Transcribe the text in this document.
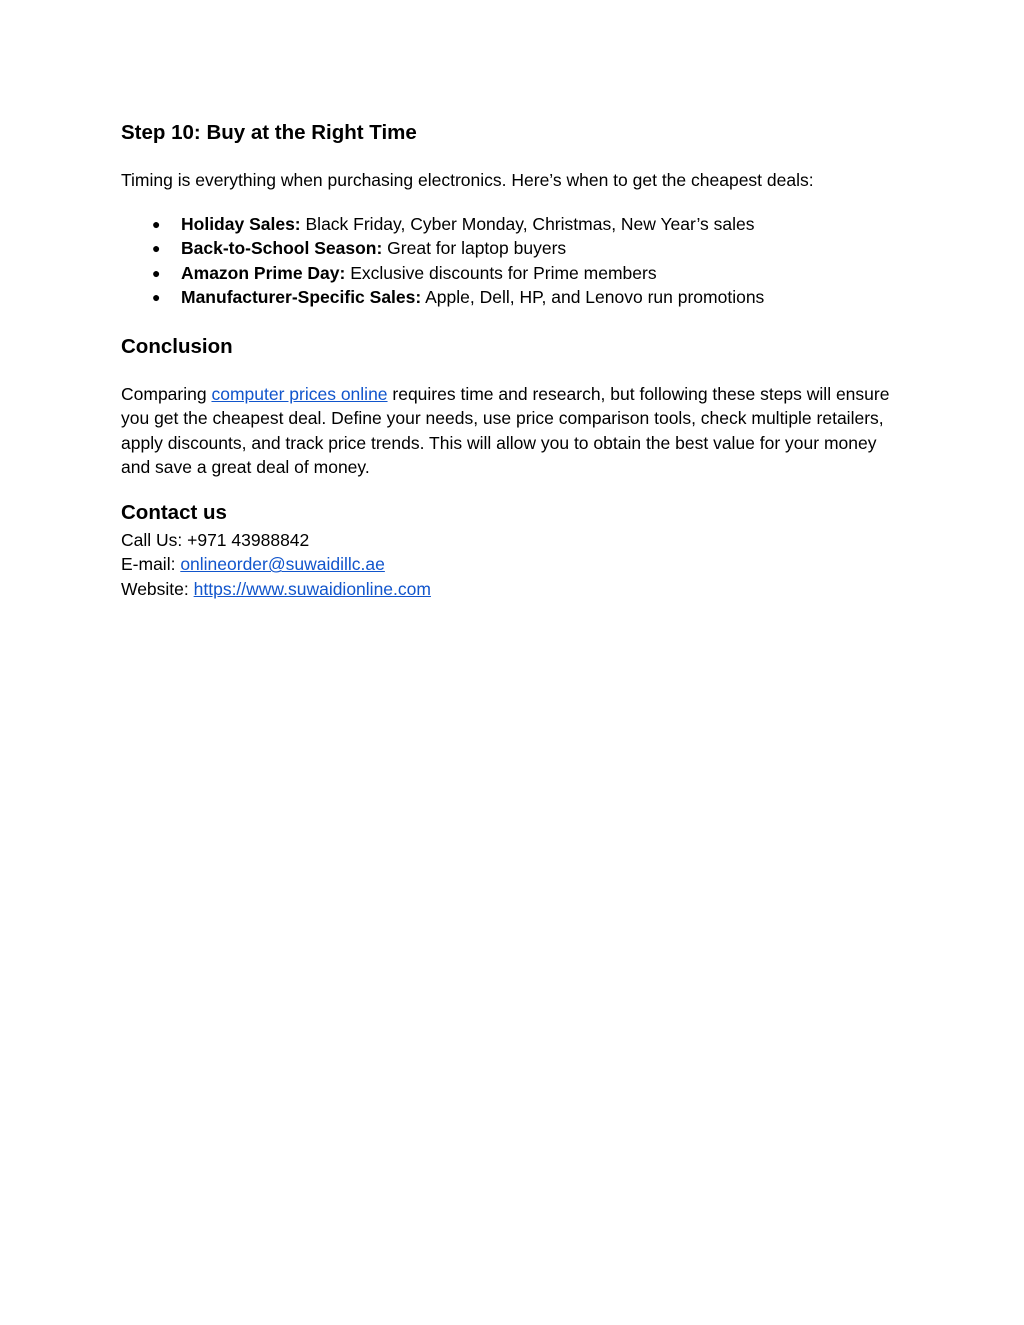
Step 10: Buy at the Right Time

Timing is everything when purchasing electronics. Here’s when to get the cheapest deals:

● Holiday Sales: Black Friday, Cyber Monday, Christmas, New Year’s sales
● Back-to-School Season: Great for laptop buyers
● Amazon Prime Day: Exclusive discounts for Prime members
● Manufacturer-Specific Sales: Apple, Dell, HP, and Lenovo run promotions
Conclusion

Comparing computer prices online requires time and research, but following these steps will ensure you get the cheapest deal. Define your needs, use price comparison tools, check multiple retailers, apply discounts, and track price trends. This will allow you to obtain the best value for your money and save a great deal of money.

Contact us
Call Us: +971 43988842
E-mail: onlineorder@suwaidillc.ae
Website: https://www.suwaidionline.com
